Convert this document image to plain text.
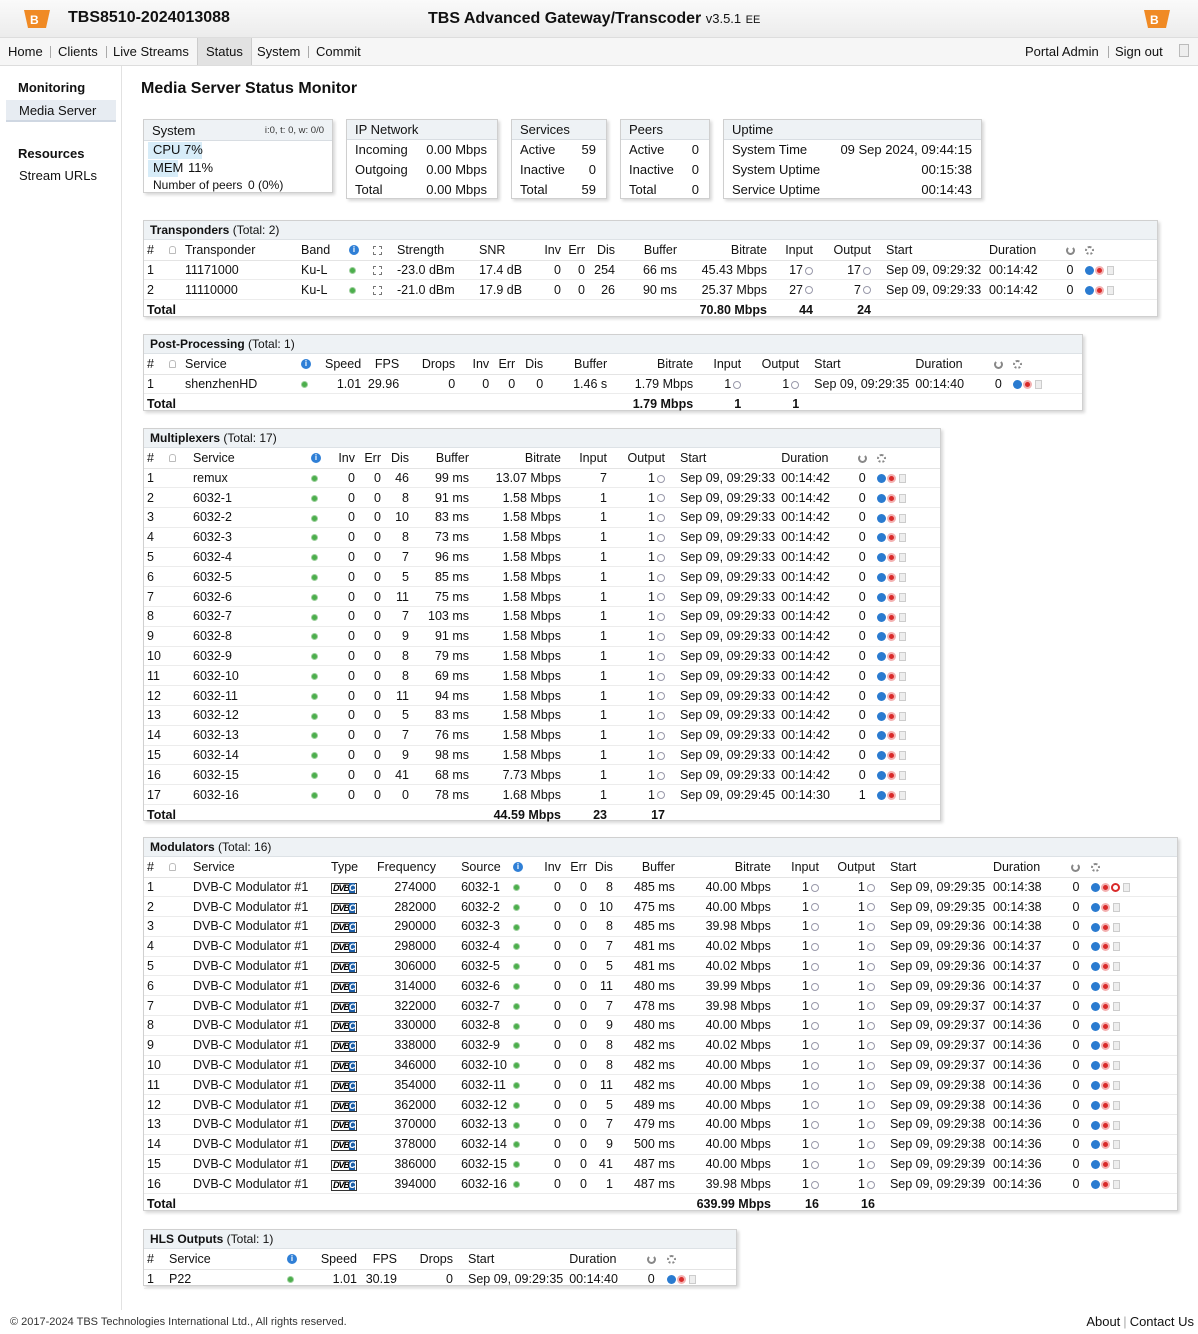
B TBS8510-2024013088	TBS Advanced Gateway/Transcoder v3.5.1 EE	B
Home	Clients	Live Streams	Status	System	Commit	Portal Admin	Sign out
Monitoring
Media Server
Resources
Stream URLs
Media Server Status Monitor
System	i:0, t: 0, w: 0/0
CPU 7%
MEM 11%
Number of peers 0 (0%)
IP Network
Incoming 0.00 Mbps
Outgoing 0.00 Mbps
Total	0.00 Mbps
Services
Active 59
Inactive 0
Total	59
Peers
Active 0
Inactive 0
Total	0
Uptime
System Time	09 Sep 2024, 09:44:15
System Uptime	00:15:38
Service Uptime	00:14:43
Transponders (Total: 2)
#		Transponder	Band	i		Strength	SNR	Inv	Err	Dis	Buffer	Bitrate	Input	Output	Start	Duration		
1		11171000	Ku-L			-23.0 dBm	17.4 dB	0	0	254	66 ms	45.43 Mbps	17	17	Sep 09, 09:29:32	00:14:42	0	
2		11110000	Ku-L			-21.0 dBm	17.9 dB	0	0	26	90 ms	25.37 Mbps	27	7	Sep 09, 09:29:33	00:14:42	0	
Total												70.80 Mbps	44	24				
Post-Processing (Total: 1)
#		Service	i	Speed	FPS	Drops	Inv	Err	Dis	Buffer	Bitrate	Input	Output	Start	Duration		
1		shenzhenHD		1.01	29.96	0	0	0	0	1.46 s	1.79 Mbps	1	1	Sep 09, 09:29:35	00:14:40	0	
Total											1.79 Mbps	1	1				
Multiplexers (Total: 17)
#		Service	i	Inv	Err	Dis	Buffer	Bitrate	Input	Output	Start	Duration		
1		remux		0	0	46	99 ms	13.07 Mbps	7	1	Sep 09, 09:29:33	00:14:42	0	
2		6032-1		0	0	8	91 ms	1.58 Mbps	1	1	Sep 09, 09:29:33	00:14:42	0	
3		6032-2		0	0	10	83 ms	1.58 Mbps	1	1	Sep 09, 09:29:33	00:14:42	0	
4		6032-3		0	0	8	73 ms	1.58 Mbps	1	1	Sep 09, 09:29:33	00:14:42	0	
5		6032-4		0	0	7	96 ms	1.58 Mbps	1	1	Sep 09, 09:29:33	00:14:42	0	
6		6032-5		0	0	5	85 ms	1.58 Mbps	1	1	Sep 09, 09:29:33	00:14:42	0	
7		6032-6		0	0	11	75 ms	1.58 Mbps	1	1	Sep 09, 09:29:33	00:14:42	0	
8		6032-7		0	0	7	103 ms	1.58 Mbps	1	1	Sep 09, 09:29:33	00:14:42	0	
9		6032-8		0	0	9	91 ms	1.58 Mbps	1	1	Sep 09, 09:29:33	00:14:42	0	
10		6032-9		0	0	8	79 ms	1.58 Mbps	1	1	Sep 09, 09:29:33	00:14:42	0	
11		6032-10		0	0	8	69 ms	1.58 Mbps	1	1	Sep 09, 09:29:33	00:14:42	0	
12		6032-11		0	0	11	94 ms	1.58 Mbps	1	1	Sep 09, 09:29:33	00:14:42	0	
13		6032-12		0	0	5	83 ms	1.58 Mbps	1	1	Sep 09, 09:29:33	00:14:42	0	
14		6032-13		0	0	7	76 ms	1.58 Mbps	1	1	Sep 09, 09:29:33	00:14:42	0	
15		6032-14		0	0	9	98 ms	1.58 Mbps	1	1	Sep 09, 09:29:33	00:14:42	0	
16		6032-15		0	0	41	68 ms	7.73 Mbps	1	1	Sep 09, 09:29:33	00:14:42	0	
17		6032-16		0	0	0	78 ms	1.68 Mbps	1	1	Sep 09, 09:29:45	00:14:30	1	
Total								44.59 Mbps	23	17				
Modulators (Total: 16)
#		Service	Type	Frequency	Source	i	Inv	Err	Dis	Buffer	Bitrate	Input	Output	Start	Duration		
1		DVB-C Modulator #1	DVBC	274000	6032-1		0	0	8	485 ms	40.00 Mbps	1	1	Sep 09, 09:29:35	00:14:38	0	
2		DVB-C Modulator #1	DVBC	282000	6032-2		0	0	10	475 ms	40.00 Mbps	1	1	Sep 09, 09:29:35	00:14:38	0	
3		DVB-C Modulator #1	DVBC	290000	6032-3		0	0	8	485 ms	39.98 Mbps	1	1	Sep 09, 09:29:36	00:14:38	0	
4		DVB-C Modulator #1	DVBC	298000	6032-4		0	0	7	481 ms	40.02 Mbps	1	1	Sep 09, 09:29:36	00:14:37	0	
5		DVB-C Modulator #1	DVBC	306000	6032-5		0	0	5	481 ms	40.02 Mbps	1	1	Sep 09, 09:29:36	00:14:37	0	
6		DVB-C Modulator #1	DVBC	314000	6032-6		0	0	11	480 ms	39.99 Mbps	1	1	Sep 09, 09:29:36	00:14:37	0	
7		DVB-C Modulator #1	DVBC	322000	6032-7		0	0	7	478 ms	39.98 Mbps	1	1	Sep 09, 09:29:37	00:14:37	0	
8		DVB-C Modulator #1	DVBC	330000	6032-8		0	0	9	480 ms	40.00 Mbps	1	1	Sep 09, 09:29:37	00:14:36	0	
9		DVB-C Modulator #1	DVBC	338000	6032-9		0	0	8	482 ms	40.02 Mbps	1	1	Sep 09, 09:29:37	00:14:36	0	
10		DVB-C Modulator #1	DVBC	346000	6032-10		0	0	8	482 ms	40.00 Mbps	1	1	Sep 09, 09:29:37	00:14:36	0	
11		DVB-C Modulator #1	DVBC	354000	6032-11		0	0	11	482 ms	40.00 Mbps	1	1	Sep 09, 09:29:38	00:14:36	0	
12		DVB-C Modulator #1	DVBC	362000	6032-12		0	0	5	489 ms	40.00 Mbps	1	1	Sep 09, 09:29:38	00:14:36	0	
13		DVB-C Modulator #1	DVBC	370000	6032-13		0	0	7	479 ms	40.00 Mbps	1	1	Sep 09, 09:29:38	00:14:36	0	
14		DVB-C Modulator #1	DVBC	378000	6032-14		0	0	9	500 ms	40.00 Mbps	1	1	Sep 09, 09:29:38	00:14:36	0	
15		DVB-C Modulator #1	DVBC	386000	6032-15		0	0	41	487 ms	40.00 Mbps	1	1	Sep 09, 09:29:39	00:14:36	0	
16		DVB-C Modulator #1	DVBC	394000	6032-16		0	0	1	487 ms	39.98 Mbps	1	1	Sep 09, 09:29:39	00:14:36	0	
Total											639.99 Mbps	16	16				
HLS Outputs (Total: 1)
#	Service	i	Speed	FPS	Drops	Start	Duration		
1	P22		1.01	30.19	0	Sep 09, 09:29:35	00:14:40	0	
© 2017-2024 TBS Technologies International Ltd., All rights reserved.	About | Contact Us
